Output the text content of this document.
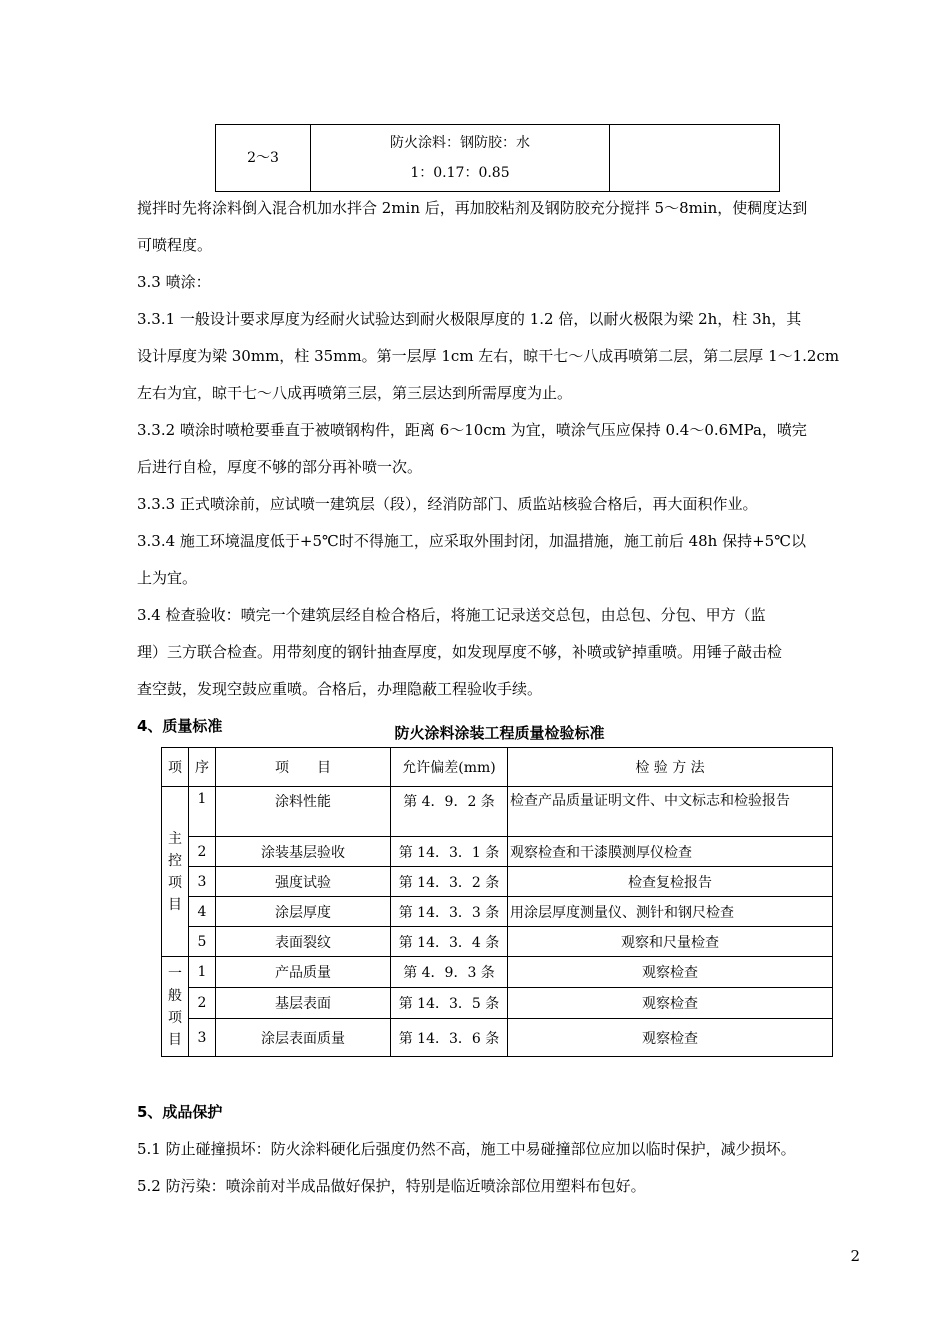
2～3	
防火涂料：钢防胶：水
1：0.17：0.85

搅拌时先将涂料倒入混合机加水拌合 2min 后，再加胶粘剂及钢防胶充分搅拌 5～8min，使稠度达到
可喷程度。
3.3 喷涂：
3.3.1 一般设计要求厚度为经耐火试验达到耐火极限厚度的 1.2 倍，以耐火极限为梁 2h，柱 3h，其
设计厚度为梁 30mm，柱 35mm。第一层厚 1cm 左右，晾干七～八成再喷第二层，第二层厚 1～1.2cm
左右为宜，晾干七～八成再喷第三层，第三层达到所需厚度为止。
3.3.2 喷涂时喷枪要垂直于被喷钢构件，距离 6～10cm 为宜，喷涂气压应保持 0.4～0.6MPa，喷完
后进行自检，厚度不够的部分再补喷一次。
3.3.3 正式喷涂前，应试喷一建筑层（段），经消防部门、质监站核验合格后，再大面积作业。
3.3.4 施工环境温度低于+5℃时不得施工，应采取外围封闭，加温措施，施工前后 48h 保持+5℃以
上为宜。
3.4 检查验收：喷完一个建筑层经自检合格后，将施工记录送交总包，由总包、分包、甲方（监
理）三方联合检查。用带刻度的钢针抽查厚度，如发现厚度不够，补喷或铲掉重喷。用锤子敲击检
查空鼓，发现空鼓应重喷。合格后，办理隐蔽工程验收手续。
4、质量标准	防火涂料涂装工程质量检验标准
项	序	项　　目	允许偏差(mm)	检 验 方 法
主
控
项
目	1	涂料性能	第 4．9．2 条	检查产品质量证明文件、中文标志和检验报告
	2	涂装基层验收	第 14．3．1 条	观察检查和干漆膜测厚仪检查
	3	强度试验	第 14．3．2 条	检查复检报告
	4	涂层厚度	第 14．3．3 条	用涂层厚度测量仪、测针和钢尺检查
	5	表面裂纹	第 14．3．4 条	观察和尺量检查
一
般
项
目	1	产品质量	第 4．9．3 条	观察检查
	2	基层表面	第 14．3．5 条	观察检查
	3	涂层表面质量	第 14．3．6 条	观察检查
5、成品保护
5.1 防止碰撞损坏：防火涂料硬化后强度仍然不高，施工中易碰撞部位应加以临时保护，减少损坏。
5.2 防污染：喷涂前对半成品做好保护，特别是临近喷涂部位用塑料布包好。
2
